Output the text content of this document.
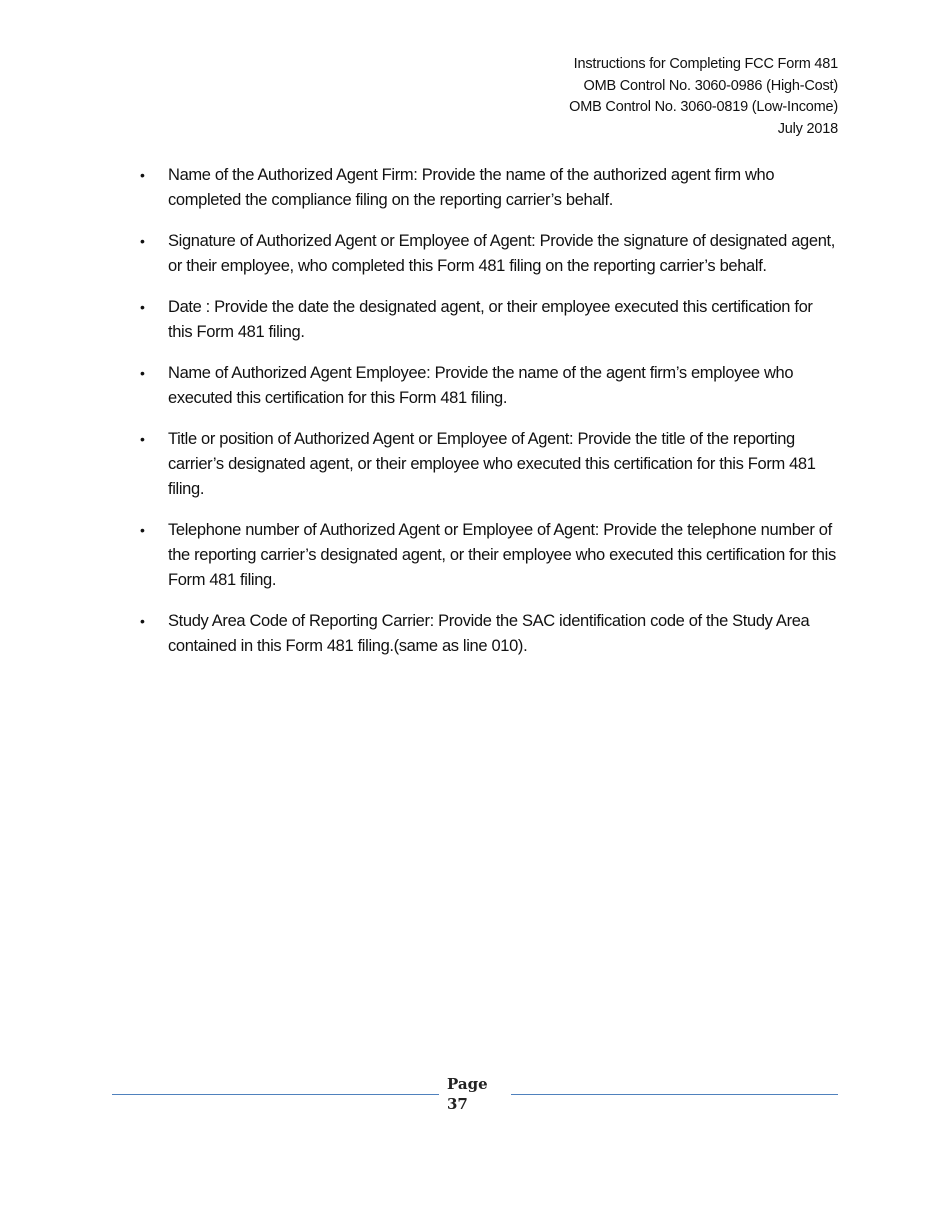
Instructions for Completing FCC Form 481
OMB Control No. 3060-0986 (High-Cost)
OMB Control No. 3060-0819 (Low-Income)
July 2018
•	Name of the Authorized Agent Firm: Provide the name of the authorized agent firm who completed the compliance filing on the reporting carrier’s behalf.
•	Signature of Authorized Agent or Employee of Agent: Provide the signature of designated agent, or their employee, who completed this Form 481 filing on the reporting carrier’s behalf.
•	Date : Provide the date the designated agent, or their employee executed this certification for this Form 481 filing.
•	Name of Authorized Agent Employee: Provide the name of the agent firm’s employee who executed this certification for this Form 481 filing.
•	Title or position of Authorized Agent or Employee of Agent: Provide the title of the reporting carrier’s designated agent, or their employee who executed this certification for this Form 481 filing.
•	Telephone number of Authorized Agent or Employee of Agent: Provide the telephone number of the reporting carrier’s designated agent, or their employee who executed this certification for this Form 481 filing.
•	Study Area Code of Reporting Carrier: Provide the SAC identification code of the Study Area contained in this Form 481 filing.(same as line 010).
Page
37
